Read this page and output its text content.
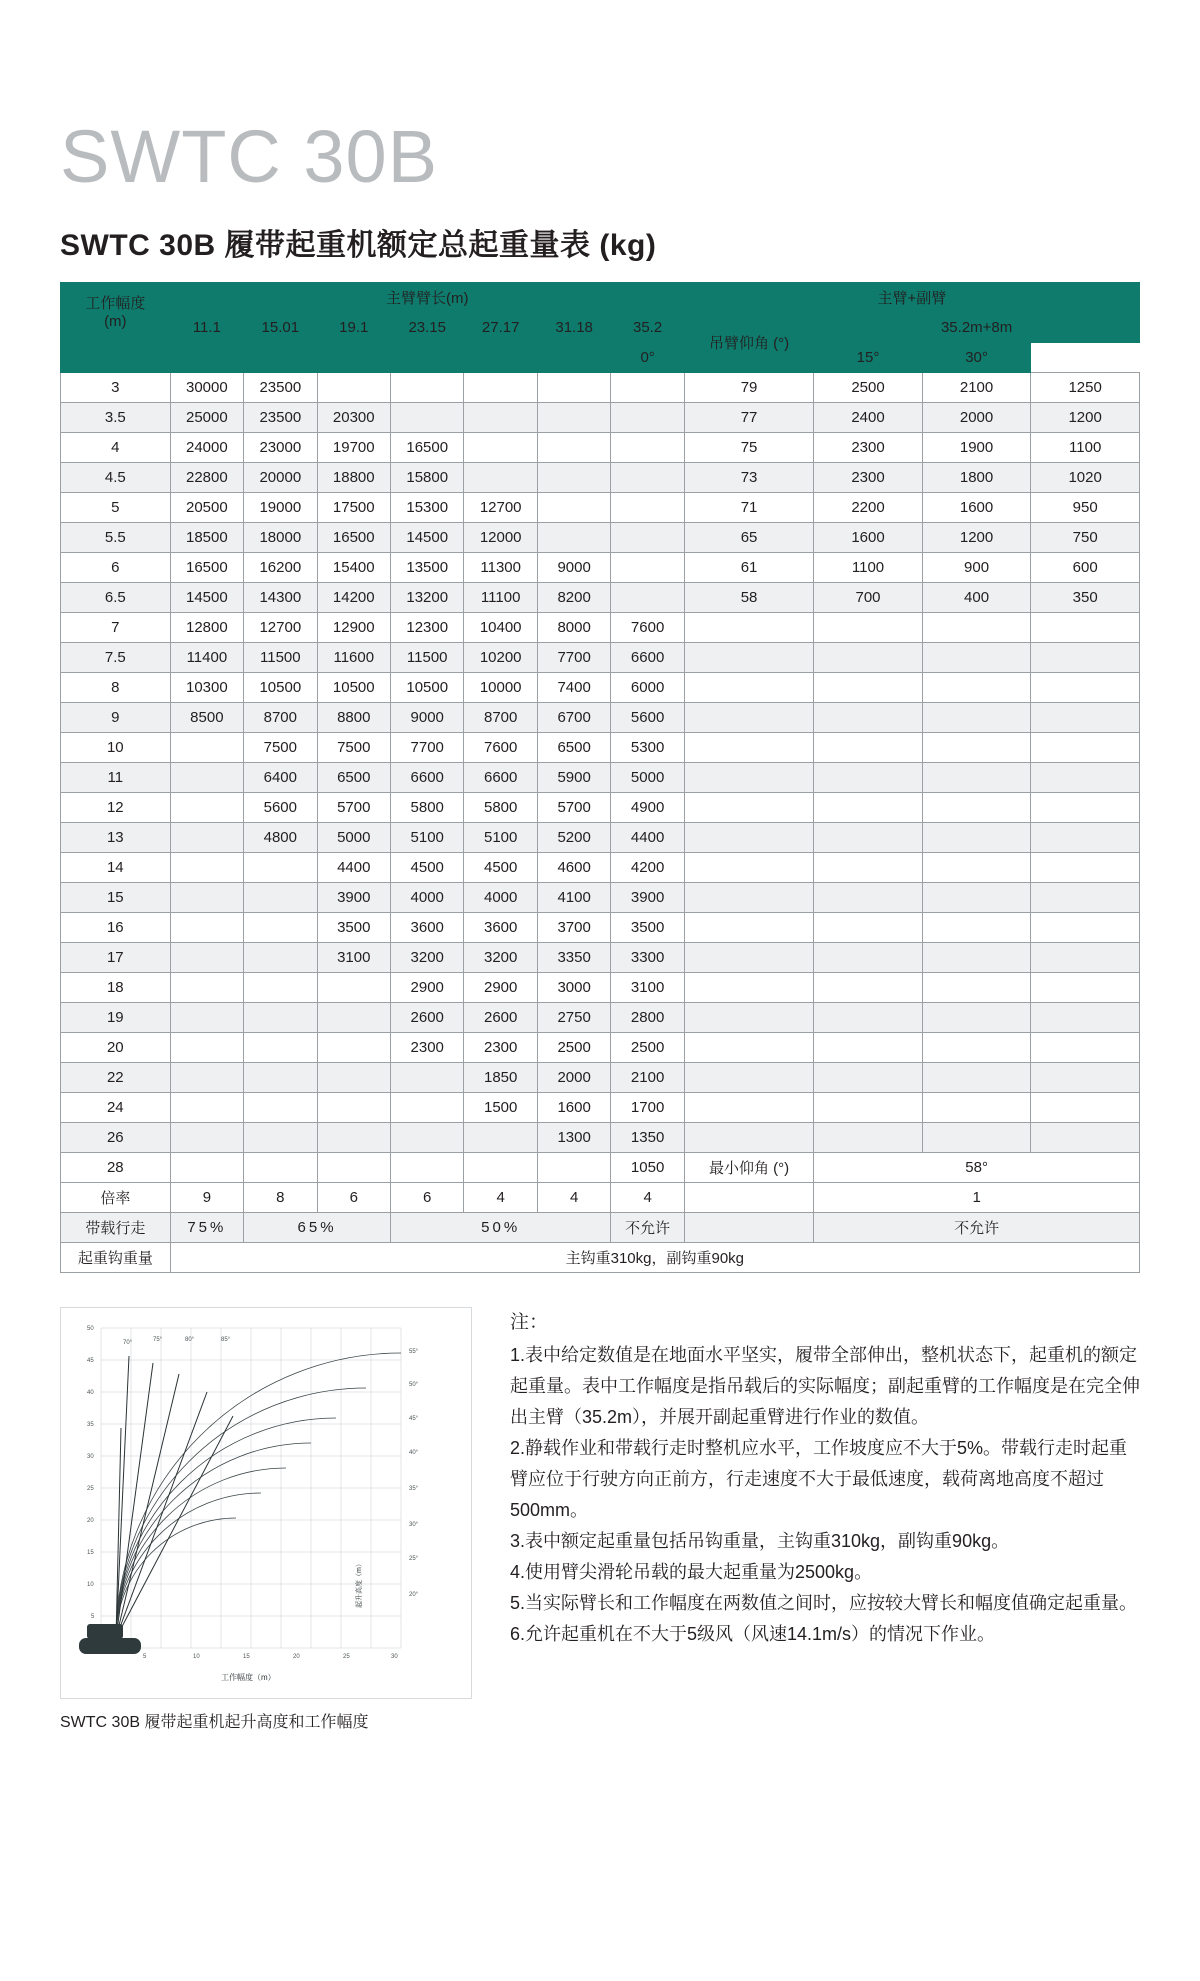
SWTC 30B
SWTC 30B 履带起重机额定总起重量表 (kg)
工作幅度
(m)	主臂臂长(m)							主臂+副臂			
	11.1	15.01	19.1	23.15	27.17	31.18	35.2	吊臂仰角 (°)	35.2m+8m		
							0°		15°	30°	
3	30000	23500						79	2500	2100	1250
3.5	25000	23500	20300					77	2400	2000	1200
4	24000	23000	19700	16500				75	2300	1900	1100
4.5	22800	20000	18800	15800				73	2300	1800	1020
5	20500	19000	17500	15300	12700			71	2200	1600	950
5.5	18500	18000	16500	14500	12000			65	1600	1200	750
6	16500	16200	15400	13500	11300	9000		61	1100	900	600
6.5	14500	14300	14200	13200	11100	8200		58	700	400	350
7	12800	12700	12900	12300	10400	8000	7600				
7.5	11400	11500	11600	11500	10200	7700	6600				
8	10300	10500	10500	10500	10000	7400	6000				
9	8500	8700	8800	9000	8700	6700	5600				
10		7500	7500	7700	7600	6500	5300				
11		6400	6500	6600	6600	5900	5000				
12		5600	5700	5800	5800	5700	4900				
13		4800	5000	5100	5100	5200	4400				
14			4400	4500	4500	4600	4200				
15			3900	4000	4000	4100	3900				
16			3500	3600	3600	3700	3500				
17			3100	3200	3200	3350	3300				
18				2900	2900	3000	3100				
19				2600	2600	2750	2800				
20				2300	2300	2500	2500				
22					1850	2000	2100				
24					1500	1600	1700				
26						1300	1350				
28							1050	最小仰角 (°)	58°		
倍率	9	8	6	6	4	4	4		1		
带载行走	75%	65%		50%			不允许		不允许		
起重钩重量	主钩重310kg，副钩重90kg										
5	10	15	20	25	30
50
45
40
35
30
25
20
15
10
5
70°	75°	80°	85°
55°
50°
45°
40°
35°
30°
25°
20°
工作幅度（m）
起升高度（m）
SWTC 30B 履带起重机起升高度和工作幅度

注：

1.表中给定数值是在地面水平坚实，履带全部伸出，整机状态下，起重机的额定起重量。表中工作幅度是指吊载后的实际幅度；副起重臂的工作幅度是在完全伸出主臂（35.2m），并展开副起重臂进行作业的数值。

2.静载作业和带载行走时整机应水平，工作坡度应不大于5%。带载行走时起重臂应位于行驶方向正前方，行走速度不大于最低速度，载荷离地高度不超过500mm。

3.表中额定起重量包括吊钩重量，主钩重310kg，副钩重90kg。

4.使用臂尖滑轮吊载的最大起重量为2500kg。

5.当实际臂长和工作幅度在两数值之间时，应按较大臂长和幅度值确定起重量。

6.允许起重机在不大于5级风（风速14.1m/s）的情况下作业。
